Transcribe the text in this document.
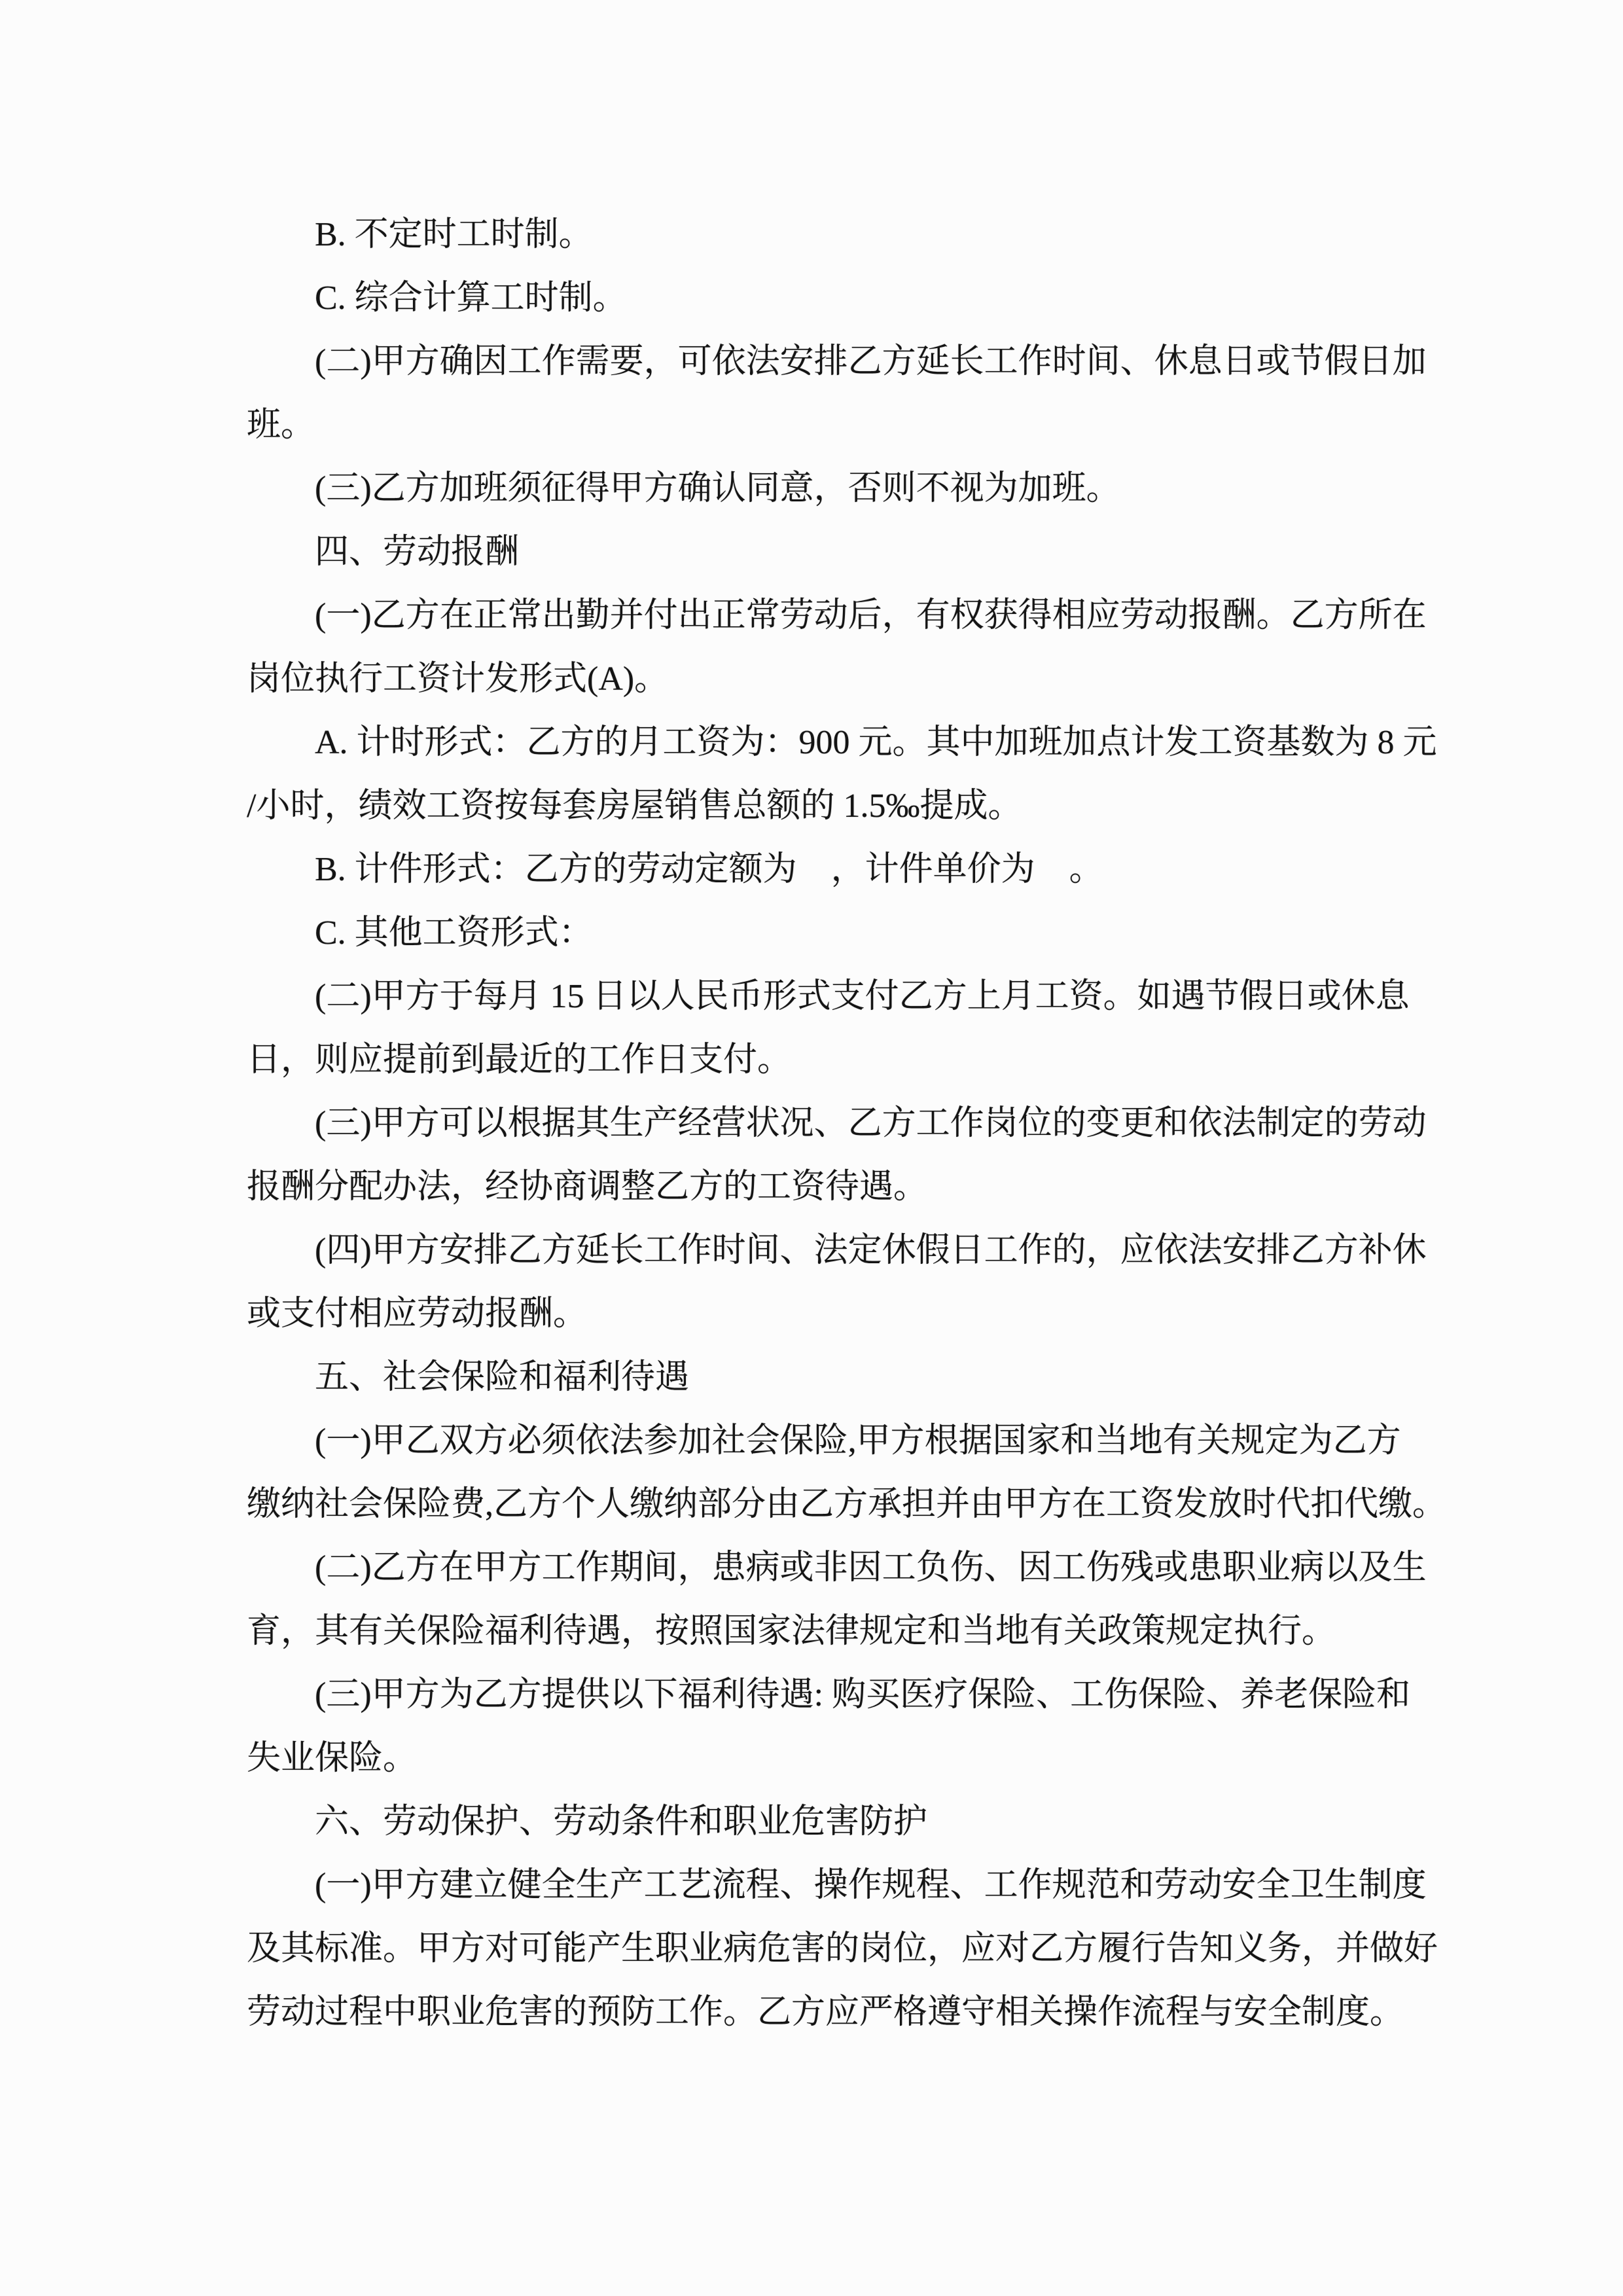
B. 不定时工时制。
C. 综合计算工时制。
(二)甲方确因工作需要，可依法安排乙方延长工作时间、休息日或节假日加
班。
(三)乙方加班须征得甲方确认同意，否则不视为加班。
四、劳动报酬
(一)乙方在正常出勤并付出正常劳动后，有权获得相应劳动报酬。乙方所在
岗位执行工资计发形式(A)。
A. 计时形式：乙方的月工资为：900 元。其中加班加点计发工资基数为 8 元
/小时，绩效工资按每套房屋销售总额的 1.5‰提成。
B. 计件形式：乙方的劳动定额为　，计件单价为　。
C. 其他工资形式：
(二)甲方于每月 15 日以人民币形式支付乙方上月工资。如遇节假日或休息
日，则应提前到最近的工作日支付。
(三)甲方可以根据其生产经营状况、乙方工作岗位的变更和依法制定的劳动
报酬分配办法，经协商调整乙方的工资待遇。
(四)甲方安排乙方延长工作时间、法定休假日工作的，应依法安排乙方补休
或支付相应劳动报酬。
五、社会保险和福利待遇
(一)甲乙双方必须依法参加社会保险,甲方根据国家和当地有关规定为乙方
缴纳社会保险费,乙方个人缴纳部分由乙方承担并由甲方在工资发放时代扣代缴。
(二)乙方在甲方工作期间，患病或非因工负伤、因工伤残或患职业病以及生
育，其有关保险福利待遇，按照国家法律规定和当地有关政策规定执行。
(三)甲方为乙方提供以下福利待遇: 购买医疗保险、工伤保险、养老保险和
失业保险。
六、劳动保护、劳动条件和职业危害防护
(一)甲方建立健全生产工艺流程、操作规程、工作规范和劳动安全卫生制度
及其标准。甲方对可能产生职业病危害的岗位，应对乙方履行告知义务，并做好
劳动过程中职业危害的预防工作。乙方应严格遵守相关操作流程与安全制度。
